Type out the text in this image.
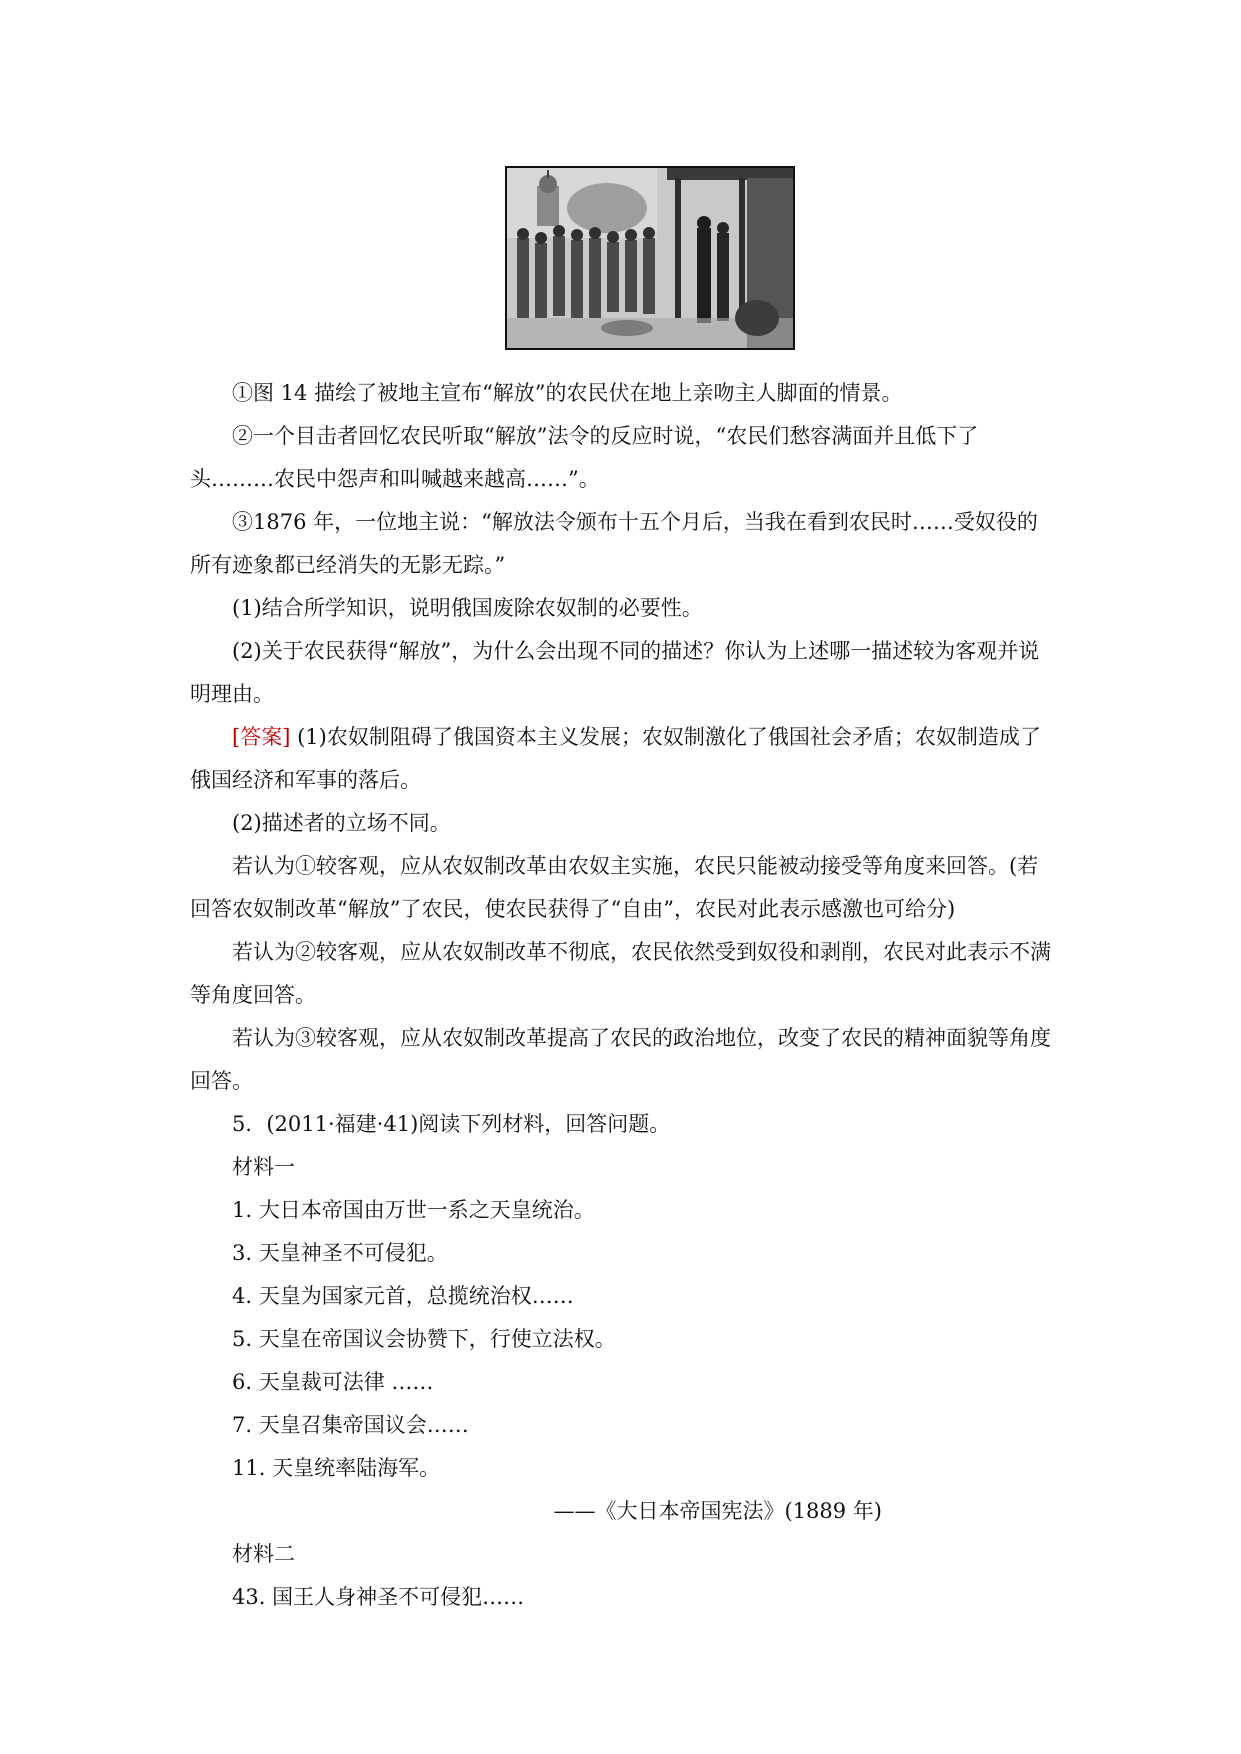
①图 14 描绘了被地主宣布“解放”的农民伏在地上亲吻主人脚面的情景。

②一个目击者回忆农民听取“解放”法令的反应时说，“农民们愁容满面并且低下了头………农民中怨声和叫喊越来越高……”。

③1876 年，一位地主说：“解放法令颁布十五个月后，当我在看到农民时……受奴役的所有迹象都已经消失的无影无踪。”

(1)结合所学知识，说明俄国废除农奴制的必要性。

(2)关于农民获得“解放”，为什么会出现不同的描述？你认为上述哪一描述较为客观并说明理由。

[答案] (1)农奴制阻碍了俄国资本主义发展；农奴制激化了俄国社会矛盾；农奴制造成了俄国经济和军事的落后。

(2)描述者的立场不同。

若认为①较客观，应从农奴制改革由农奴主实施，农民只能被动接受等角度来回答。(若回答农奴制改革“解放”了农民，使农民获得了“自由”，农民对此表示感激也可给分)

若认为②较客观，应从农奴制改革不彻底，农民依然受到奴役和剥削，农民对此表示不满等角度回答。

若认为③较客观，应从农奴制改革提高了农民的政治地位，改变了农民的精神面貌等角度回答。

5．(2011·福建·41)阅读下列材料，回答问题。

材料一

1. 大日本帝国由万世一系之天皇统治。

3. 天皇神圣不可侵犯。

4. 天皇为国家元首，总揽统治权……

5. 天皇在帝国议会协赞下，行使立法权。

6. 天皇裁可法律 ……

7. 天皇召集帝国议会……

11. 天皇统率陆海军。

——《大日本帝国宪法》(1889 年)

材料二

43. 国王人身神圣不可侵犯……
